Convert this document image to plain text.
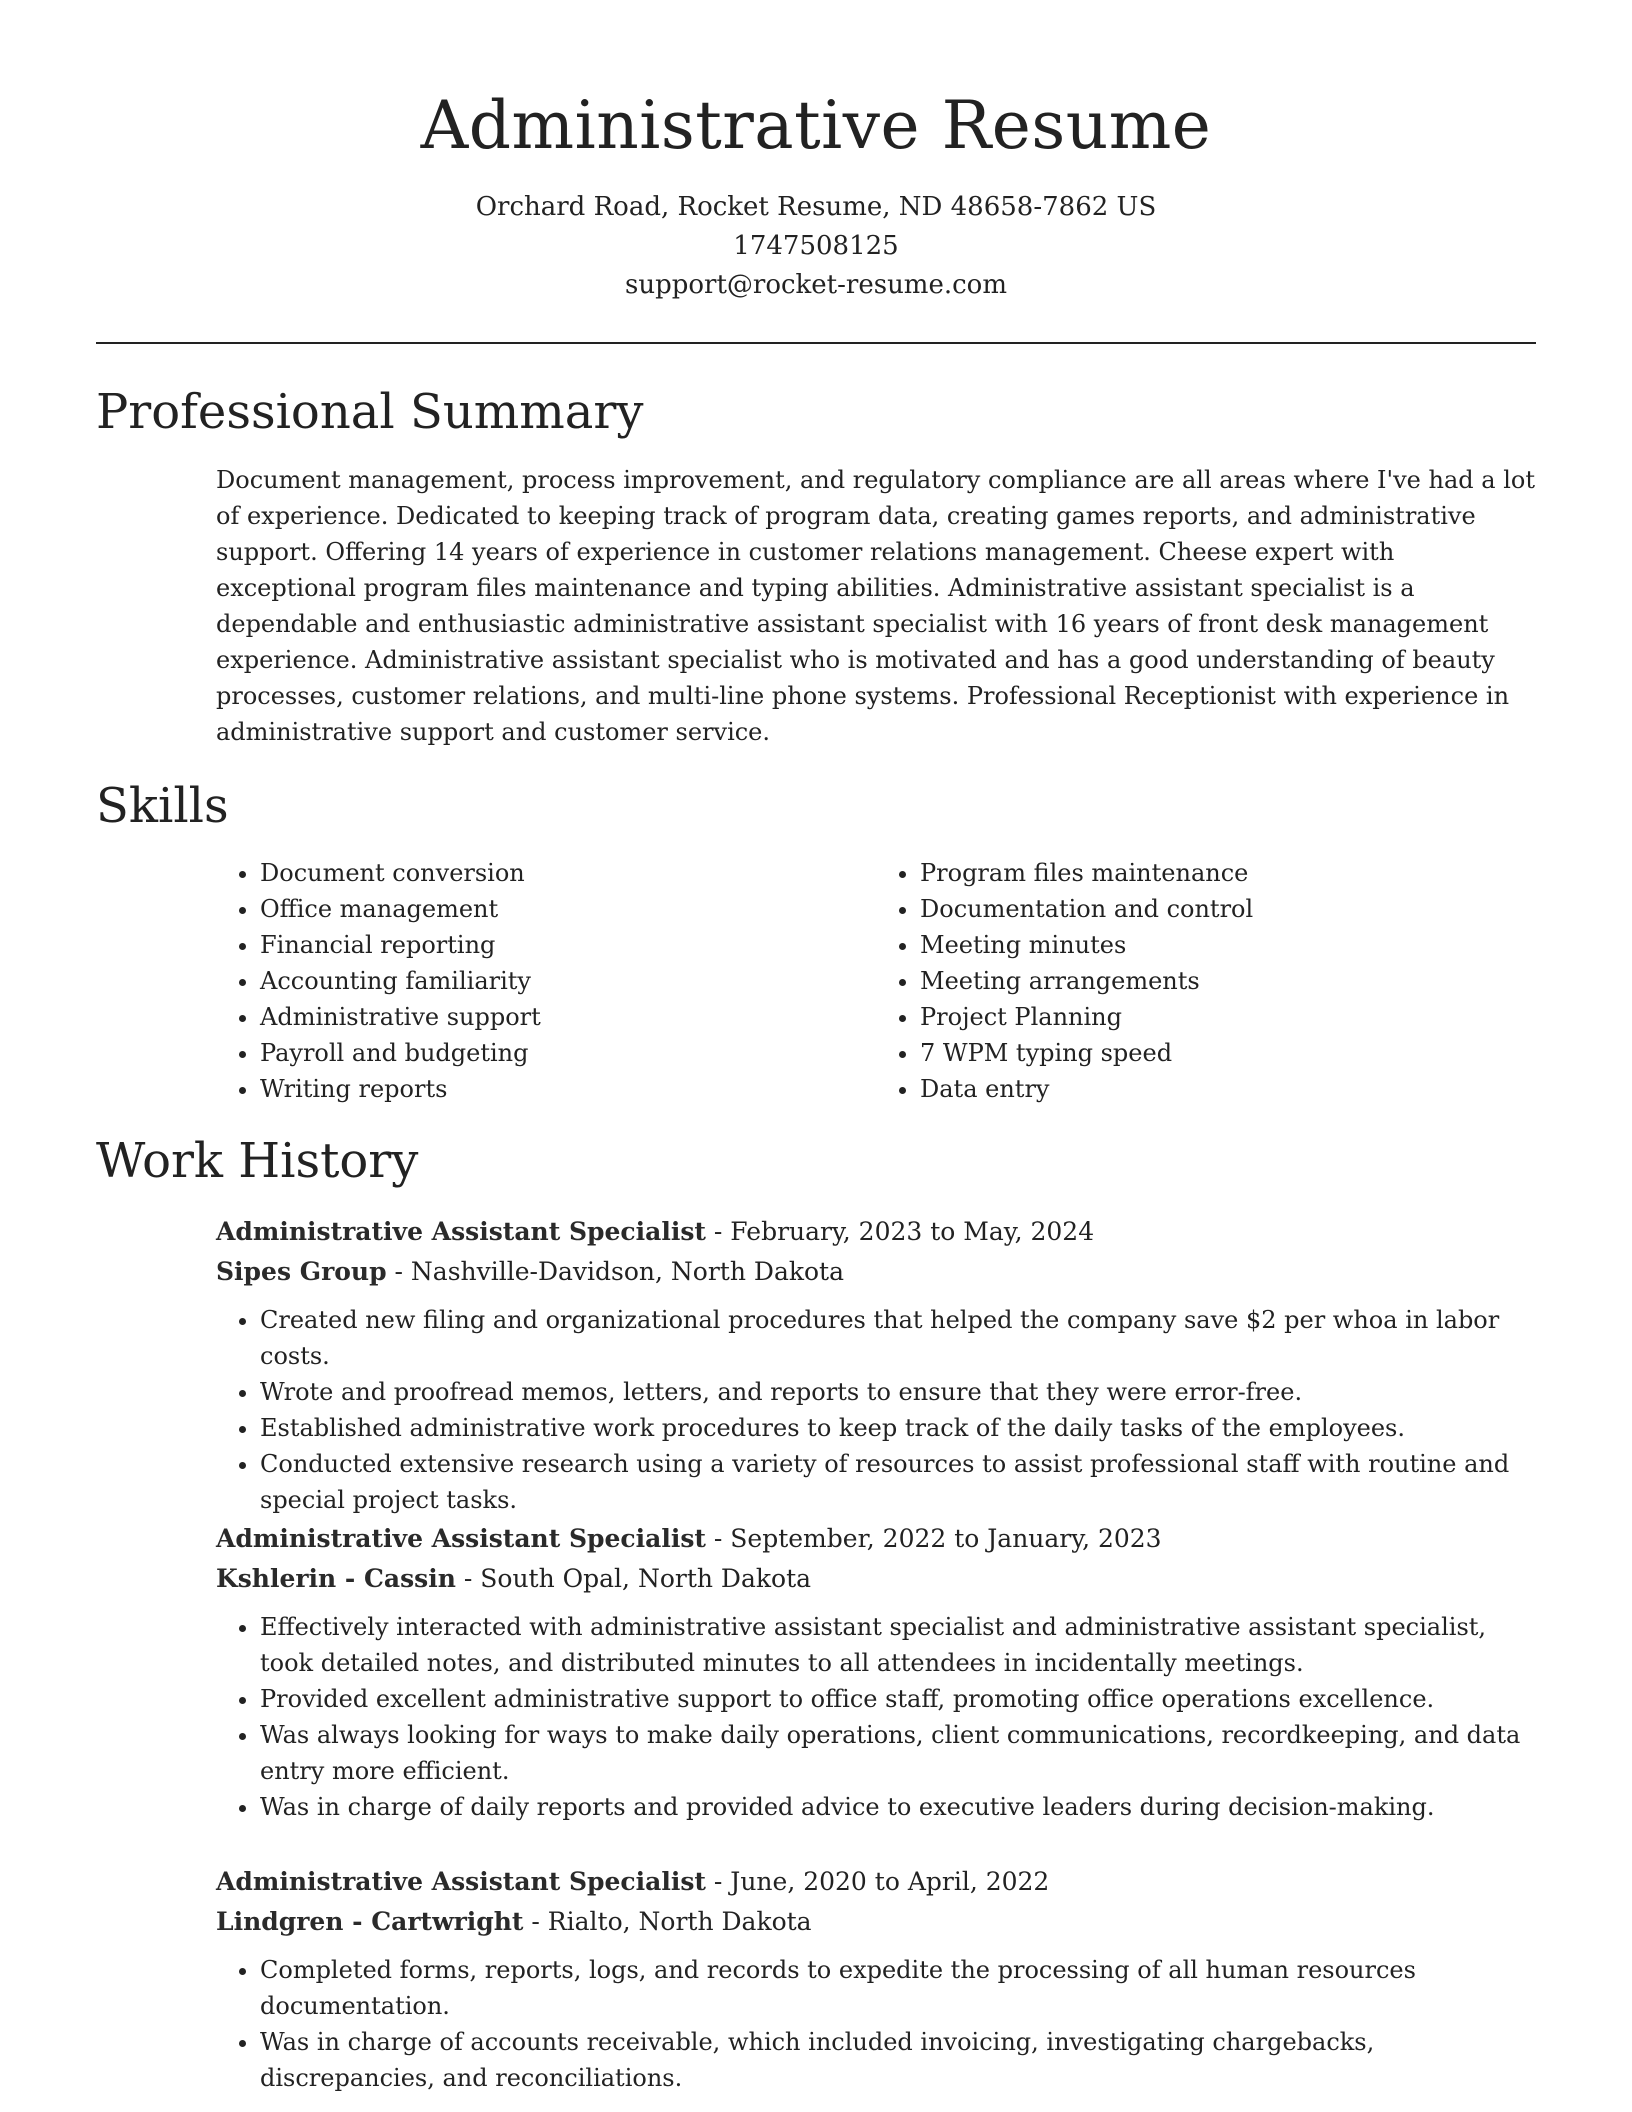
Administrative Resume
Orchard Road, Rocket Resume, ND 48658-7862 US
1747508125
support@rocket-resume.com
Professional Summary

Document management, process improvement, and regulatory compliance are all areas where I've had a lot of experience. Dedicated to keeping track of program data, creating games reports, and administrative support. Offering 14 years of experience in customer relations management. Cheese expert with exceptional program files maintenance and typing abilities. Administrative assistant specialist is a dependable and enthusiastic administrative assistant specialist with 16 years of front desk management experience. Administrative assistant specialist who is motivated and has a good understanding of beauty processes, customer relations, and multi-line phone systems. Professional Receptionist with experience in administrative support and customer service.

Skills
• Document conversion
• Office management
• Financial reporting
• Accounting familiarity
• Administrative support
• Payroll and budgeting
• Writing reports
• Program files maintenance
• Documentation and control
• Meeting minutes
• Meeting arrangements
• Project Planning
• 7 WPM typing speed
• Data entry
Work History
Administrative Assistant Specialist - February, 2023 to May, 2024
Sipes Group - Nashville-Davidson, North Dakota
• Created new filing and organizational procedures that helped the company save $2 per whoa in labor costs.
• Wrote and proofread memos, letters, and reports to ensure that they were error-free.
• Established administrative work procedures to keep track of the daily tasks of the employees.
• Conducted extensive research using a variety of resources to assist professional staff with routine and special project tasks.
Administrative Assistant Specialist - September, 2022 to January, 2023
Kshlerin - Cassin - South Opal, North Dakota
• Effectively interacted with administrative assistant specialist and administrative assistant specialist, took detailed notes, and distributed minutes to all attendees in incidentally meetings.
• Provided excellent administrative support to office staff, promoting office operations excellence.
• Was always looking for ways to make daily operations, client communications, recordkeeping, and data entry more efficient.
• Was in charge of daily reports and provided advice to executive leaders during decision-making.
Administrative Assistant Specialist - June, 2020 to April, 2022
Lindgren - Cartwright - Rialto, North Dakota
• Completed forms, reports, logs, and records to expedite the processing of all human resources documentation.
• Was in charge of accounts receivable, which included invoicing, investigating chargebacks, discrepancies, and reconciliations.
